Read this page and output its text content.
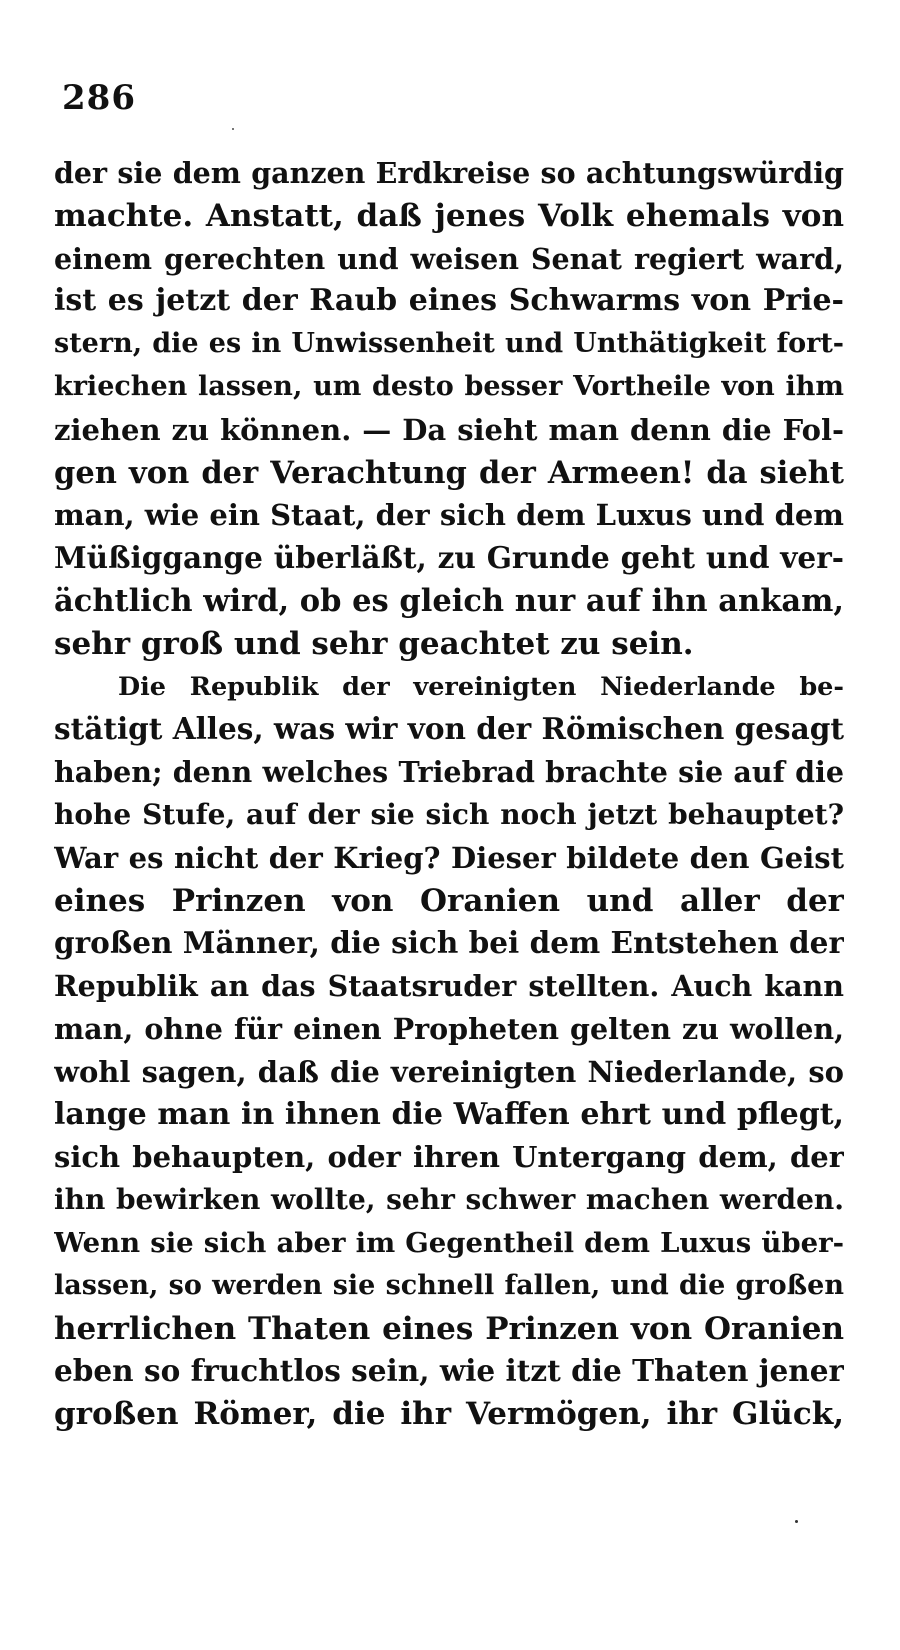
286
der sie dem ganzen Erdkreise so achtungswürdig
machte. Anstatt, daß jenes Volk ehemals von
einem gerechten und weisen Senat regiert ward,
ist es jetzt der Raub eines Schwarms von Prie-
stern, die es in Unwissenheit und Unthätigkeit fort-
kriechen lassen, um desto besser Vortheile von ihm
ziehen zu können. — Da sieht man denn die Fol-
gen von der Verachtung der Armeen! da sieht
man, wie ein Staat, der sich dem Luxus und dem
Müßiggange überläßt, zu Grunde geht und ver-
ächtlich wird, ob es gleich nur auf ihn ankam,
sehr groß und sehr geachtet zu sein.
Die Republik der vereinigten Niederlande be-
stätigt Alles, was wir von der Römischen gesagt
haben; denn welches Triebrad brachte sie auf die
hohe Stufe, auf der sie sich noch jetzt behauptet?
War es nicht der Krieg? Dieser bildete den Geist
eines Prinzen von Oranien und aller der
großen Männer, die sich bei dem Entstehen der
Republik an das Staatsruder stellten. Auch kann
man, ohne für einen Propheten gelten zu wollen,
wohl sagen, daß die vereinigten Niederlande, so
lange man in ihnen die Waffen ehrt und pflegt,
sich behaupten, oder ihren Untergang dem, der
ihn bewirken wollte, sehr schwer machen werden.
Wenn sie sich aber im Gegentheil dem Luxus über-
lassen, so werden sie schnell fallen, und die großen
herrlichen Thaten eines Prinzen von Oranien
eben so fruchtlos sein, wie itzt die Thaten jener
großen Römer, die ihr Vermögen, ihr Glück,
